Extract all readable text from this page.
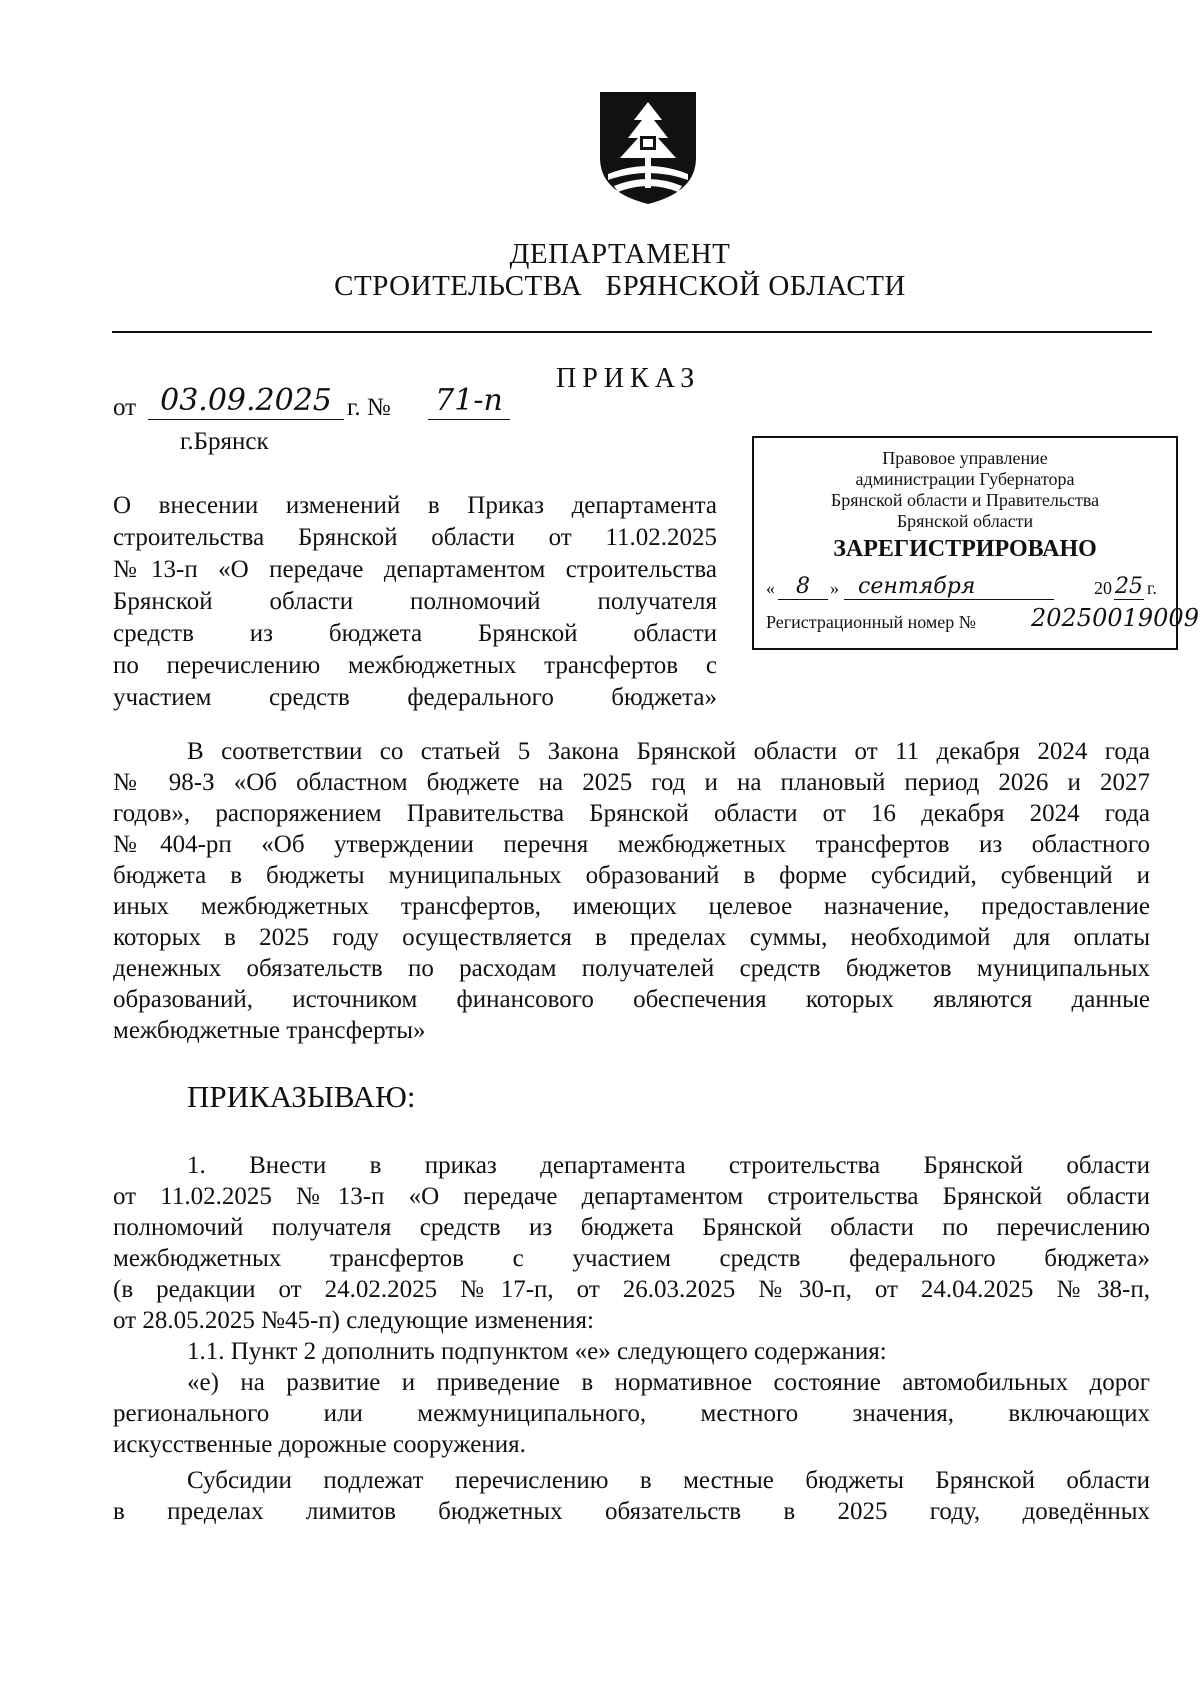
ДЕПАРТАМЕНТ
СТРОИТЕЛЬСТВА   БРЯНСКОЙ ОБЛАСТИ
ПРИКАЗ
от 03.09.2025 г. № 71-п
г.Брянск
О внесении изменений в Приказ департамента
строительства Брянской области от 11.02.2025
№13-п «О передаче департаментом строительства
Брянской области полномочий получателя
средств из бюджета Брянской области
по перечислению межбюджетных трансфертов с
участием средств федерального бюджета»
Правовое управление
администрации Губернатора
Брянской области и Правительства
Брянской области
ЗАРЕГИСТРИРОВАНО
« 8	» сентября	20 25 г.
Регистрационный номер № 20250019009
В соответствии со статьей 5 Закона Брянской области от 11 декабря 2024 года
№ 98-З «Об областном бюджете на 2025 год и на плановый период 2026 и 2027
годов», распоряжением Правительства Брянской области от 16 декабря 2024 года
№404-рп «Об утверждении перечня межбюджетных трансфертов из областного
бюджета в бюджеты муниципальных образований в форме субсидий, субвенций и
иных межбюджетных трансфертов, имеющих целевое назначение, предоставление
которых в 2025 году осуществляется в пределах суммы, необходимой для оплаты
денежных обязательств по расходам получателей средств бюджетов муниципальных
образований, источником финансового обеспечения которых являются данные
межбюджетные трансферты»
ПРИКАЗЫВАЮ:
1. Внести в приказ департамента строительства Брянской области
от 11.02.2025 №13-п «О передаче департаментом строительства Брянской области
полномочий получателя средств из бюджета Брянской области по перечислению
межбюджетных трансфертов с участием средств федерального бюджета»
(в редакции от 24.02.2025 №17-п, от 26.03.2025 №30-п, от 24.04.2025 №38-п,
от 28.05.2025 №45-п) следующие изменения:
1.1. Пункт 2 дополнить подпунктом «е» следующего содержания:
«е) на развитие и приведение в нормативное состояние автомобильных дорог
регионального или межмуниципального, местного значения, включающих
искусственные дорожные сооружения.
Субсидии подлежат перечислению в местные бюджеты Брянской области
в пределах лимитов бюджетных обязательств в 2025 году, доведённых
